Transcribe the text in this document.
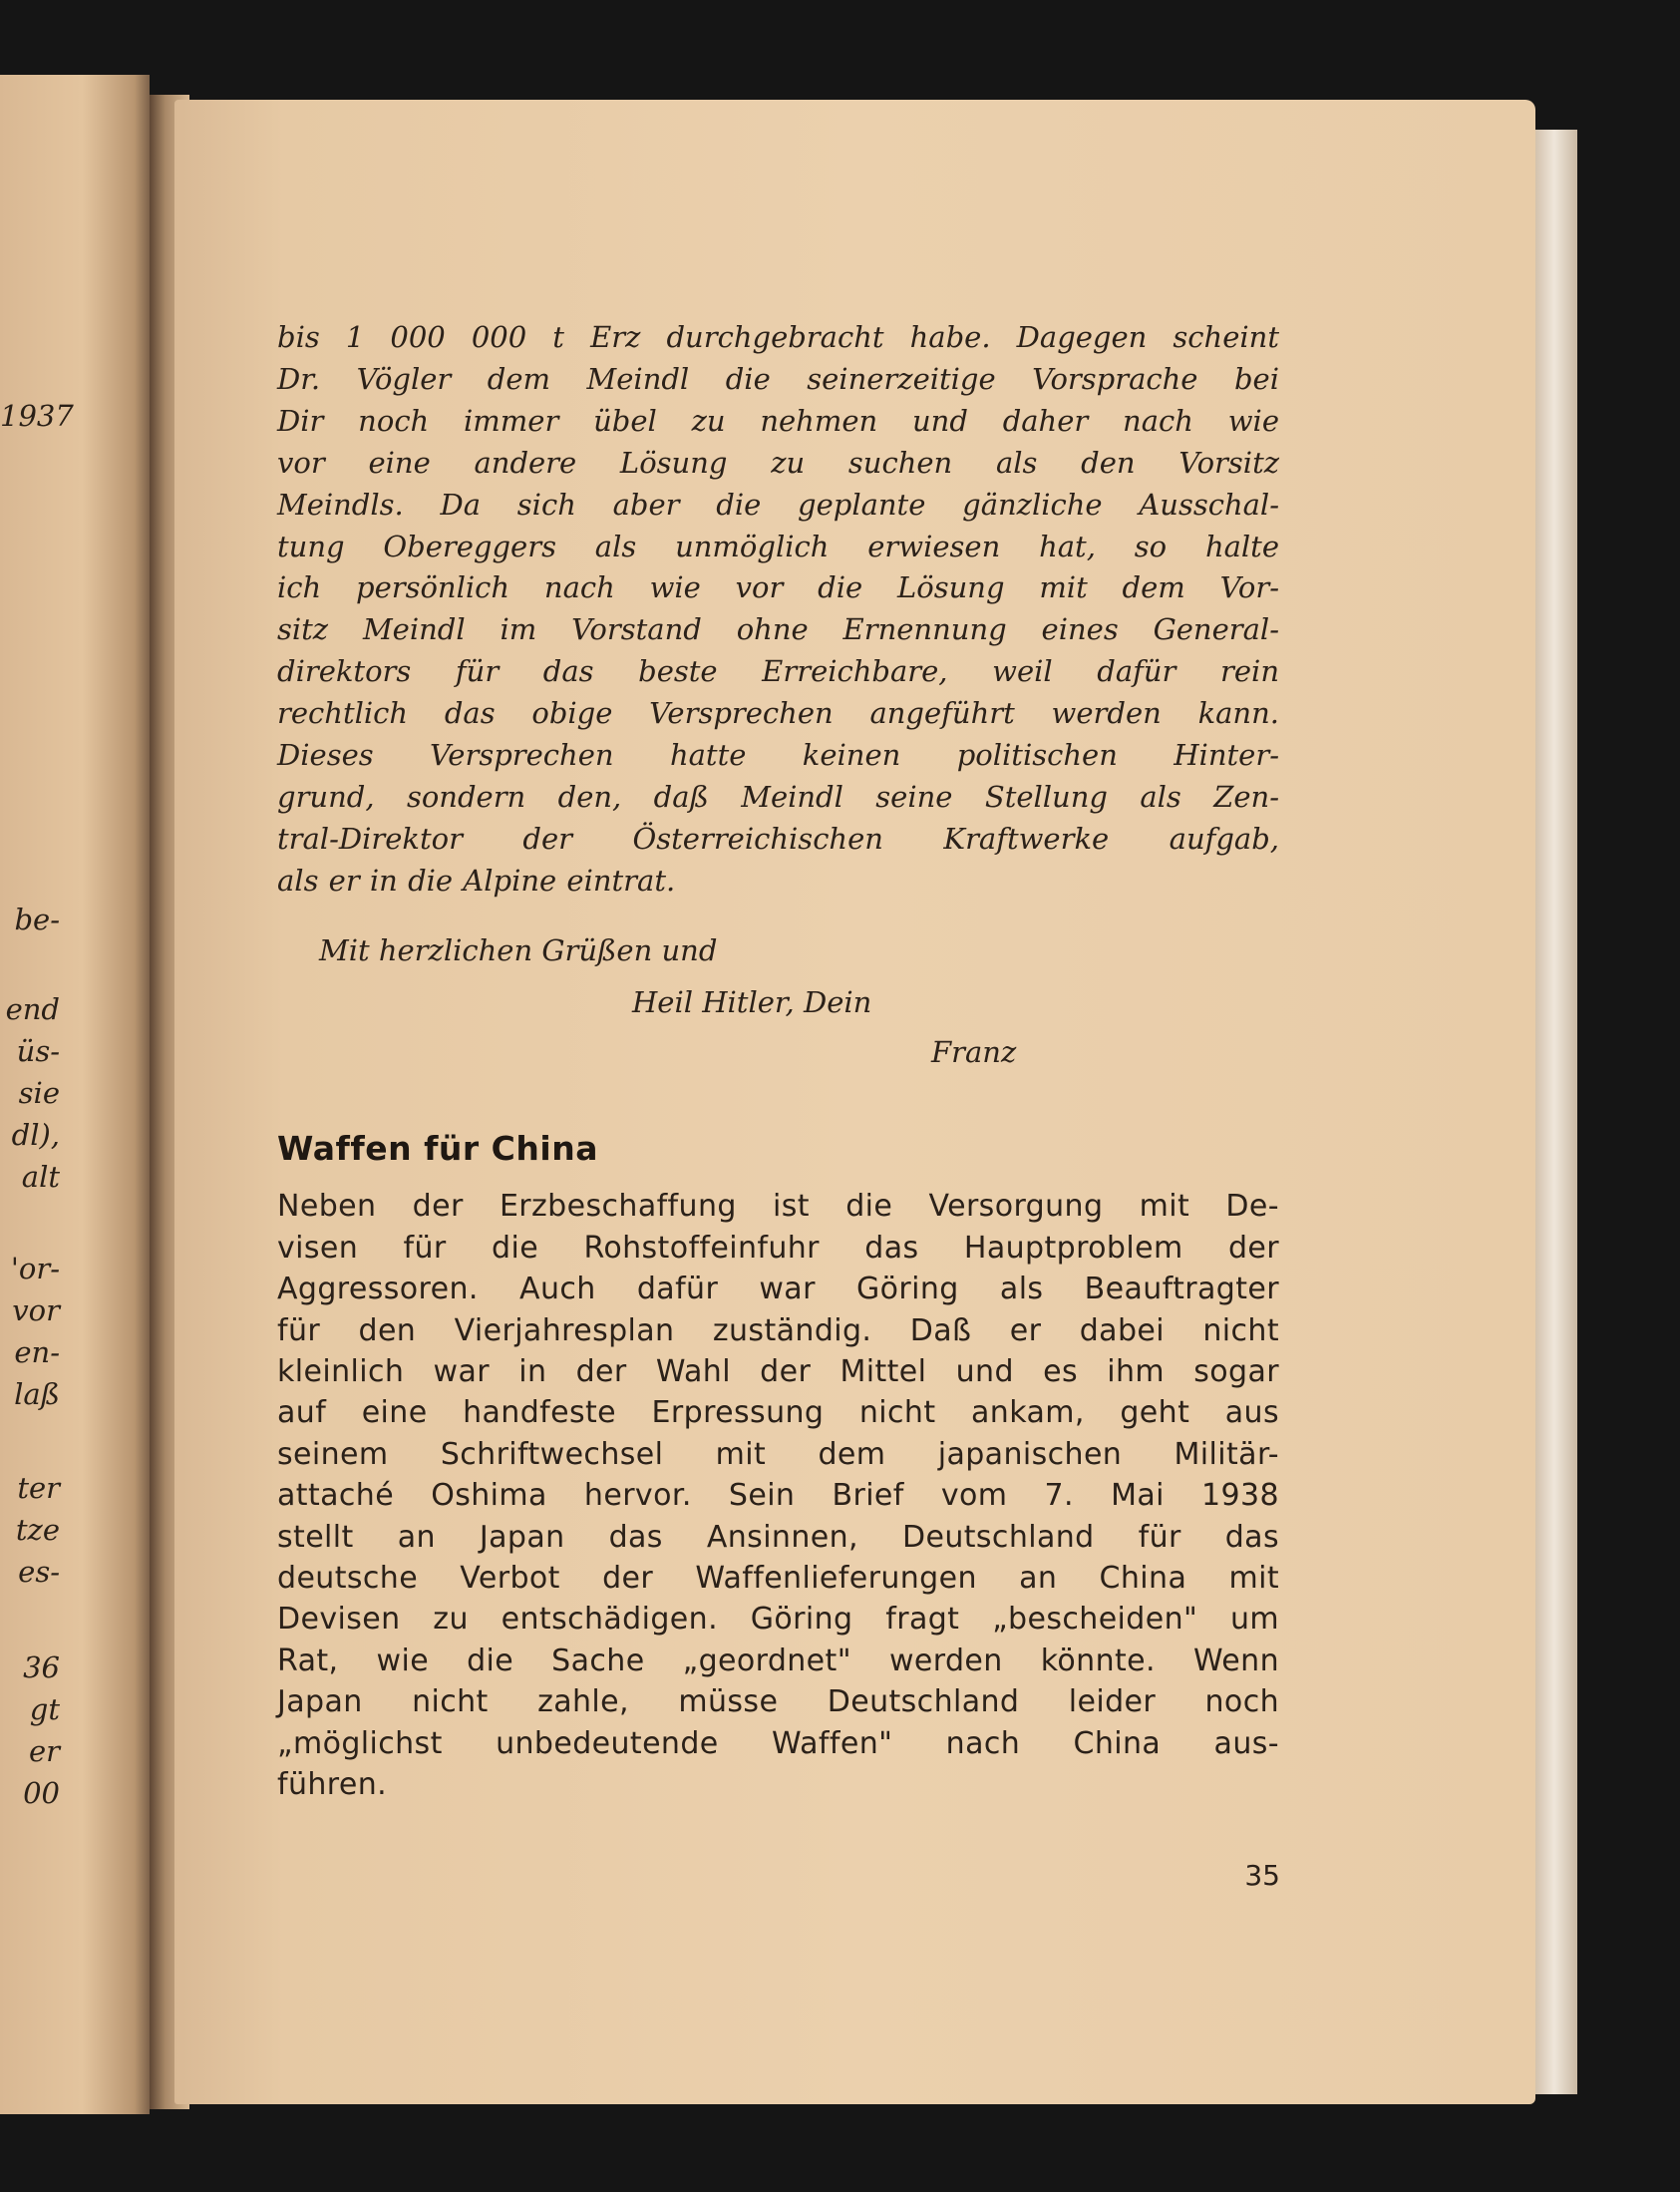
1937
be-
end
üs-
sie
dl),
alt
'or-
vor
en-
laß
ter
tze
es-
36
gt
er
00

bis 1 000 000 t Erz durchgebracht habe. Dagegen scheint

Dr. Vögler dem Meindl die seinerzeitige Vorsprache bei

Dir noch immer übel zu nehmen und daher nach wie

vor eine andere Lösung zu suchen als den Vorsitz

Meindls. Da sich aber die geplante gänzliche Ausschal-

tung Obereggers als unmöglich erwiesen hat, so halte

ich persönlich nach wie vor die Lösung mit dem Vor-

sitz Meindl im Vorstand ohne Ernennung eines General-

direktors für das beste Erreichbare, weil dafür rein

rechtlich das obige Versprechen angeführt werden kann.

Dieses Versprechen hatte keinen politischen Hinter-

grund, sondern den, daß Meindl seine Stellung als Zen-

tral-Direktor der Österreichischen Kraftwerke aufgab,

als er in die Alpine eintrat.

Mit herzlichen Grüßen und

Heil Hitler, Dein

Franz

Waffen für China

Neben der Erzbeschaffung ist die Versorgung mit De-

visen für die Rohstoffeinfuhr das Hauptproblem der

Aggressoren. Auch dafür war Göring als Beauftragter

für den Vierjahresplan zuständig. Daß er dabei nicht

kleinlich war in der Wahl der Mittel und es ihm sogar

auf eine handfeste Erpressung nicht ankam, geht aus

seinem Schriftwechsel mit dem japanischen Militär-

attaché Oshima hervor. Sein Brief vom 7. Mai 1938

stellt an Japan das Ansinnen, Deutschland für das

deutsche Verbot der Waffenlieferungen an China mit

Devisen zu entschädigen. Göring fragt „bescheiden" um

Rat, wie die Sache „geordnet" werden könnte. Wenn

Japan nicht zahle, müsse Deutschland leider noch

„möglichst unbedeutende Waffen" nach China aus-

führen.

35
